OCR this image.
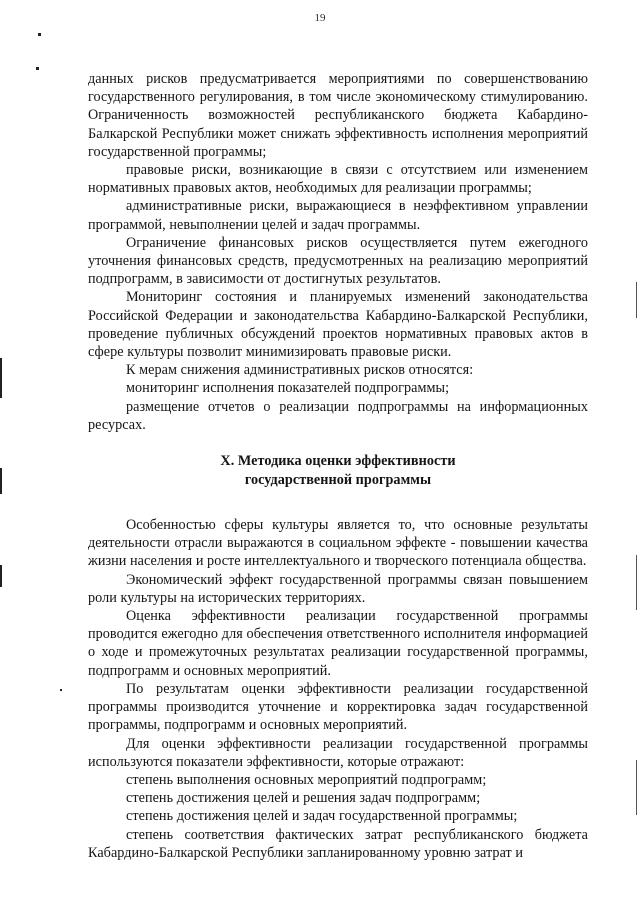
19

данных рисков предусматривается мероприятиями по совершенствованию государственного регулирования, в том числе экономическому стимулированию. Ограниченность возможностей республиканского бюджета Кабардино-Балкарской Республики может снижать эффективность исполнения мероприятий государственной программы;

правовые риски, возникающие в связи с отсутствием или изменением нормативных правовых актов, необходимых для реализации программы;

административные риски, выражающиеся в неэффективном управлении программой, невыполнении целей и задач программы.

Ограничение финансовых рисков осуществляется путем ежегодного уточнения финансовых средств, предусмотренных на реализацию мероприятий подпрограмм, в зависимости от достигнутых результатов.

Мониторинг состояния и планируемых изменений законодательства Российской Федерации и законодательства Кабардино-Балкарской Республики, проведение публичных обсуждений проектов нормативных правовых актов в сфере культуры позволит минимизировать правовые риски.

К мерам снижения административных рисков относятся:

мониторинг исполнения показателей подпрограммы;

размещение отчетов о реализации подпрограммы на информационных ресурсах.

X. Методика оценки эффективности
государственной программы

Особенностью сферы культуры является то, что основные результаты деятельности отрасли выражаются в социальном эффекте - повышении качества жизни населения и росте интеллектуального и творческого потенциала общества.

Экономический эффект государственной программы связан повышением роли культуры на исторических территориях.

Оценка эффективности реализации государственной программы проводится ежегодно для обеспечения ответственного исполнителя информацией о ходе и промежуточных результатах реализации государственной программы, подпрограмм и основных мероприятий.

По результатам оценки эффективности реализации государственной программы производится уточнение и корректировка задач государственной программы, подпрограмм и основных мероприятий.

Для оценки эффективности реализации государственной программы используются показатели эффективности, которые отражают:

степень выполнения основных мероприятий подпрограмм;

степень достижения целей и решения задач подпрограмм;

степень достижения целей и задач государственной программы;

степень соответствия фактических затрат республиканского бюджета Кабардино-Балкарской Республики запланированному уровню затрат и
